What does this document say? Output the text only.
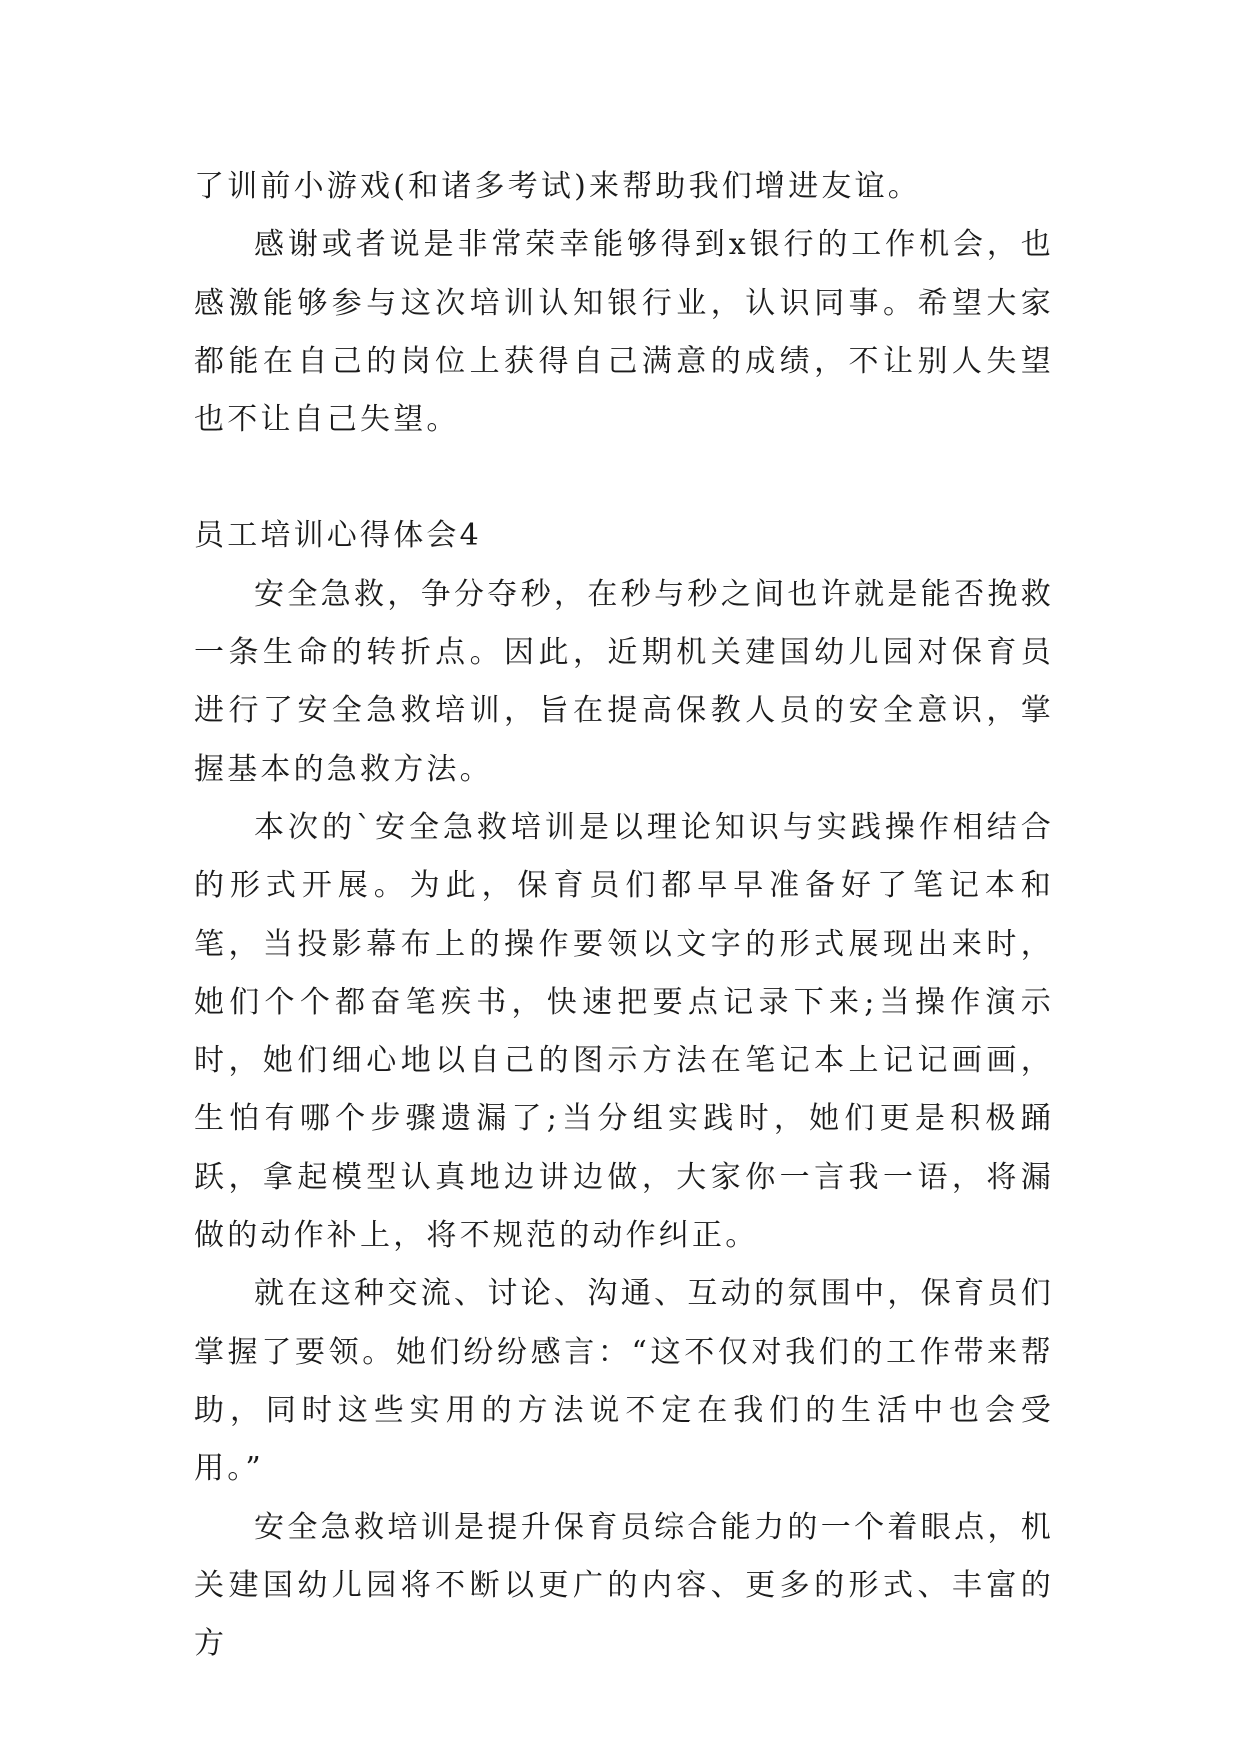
了训前小游戏(和诸多考试)来帮助我们增进友谊。

感谢或者说是非常荣幸能够得到x银行的工作机会，也感激能够参与这次培训认知银行业，认识同事。希望大家都能在自己的岗位上获得自己满意的成绩，不让别人失望也不让自己失望。

员工培训心得体会4

安全急救，争分夺秒，在秒与秒之间也许就是能否挽救一条生命的转折点。因此，近期机关建国幼儿园对保育员进行了安全急救培训，旨在提高保教人员的安全意识，掌握基本的急救方法。

本次的`安全急救培训是以理论知识与实践操作相结合的形式开展。为此，保育员们都早早准备好了笔记本和笔，当投影幕布上的操作要领以文字的形式展现出来时，她们个个都奋笔疾书，快速把要点记录下来;当操作演示时，她们细心地以自己的图示方法在笔记本上记记画画，生怕有哪个步骤遗漏了;当分组实践时，她们更是积极踊跃，拿起模型认真地边讲边做，大家你一言我一语，将漏做的动作补上，将不规范的动作纠正。

就在这种交流、讨论、沟通、互动的氛围中，保育员们掌握了要领。她们纷纷感言：“这不仅对我们的工作带来帮助，同时这些实用的方法说不定在我们的生活中也会受用。”

安全急救培训是提升保育员综合能力的一个着眼点，机关建国幼儿园将不断以更广的内容、更多的形式、丰富的方
